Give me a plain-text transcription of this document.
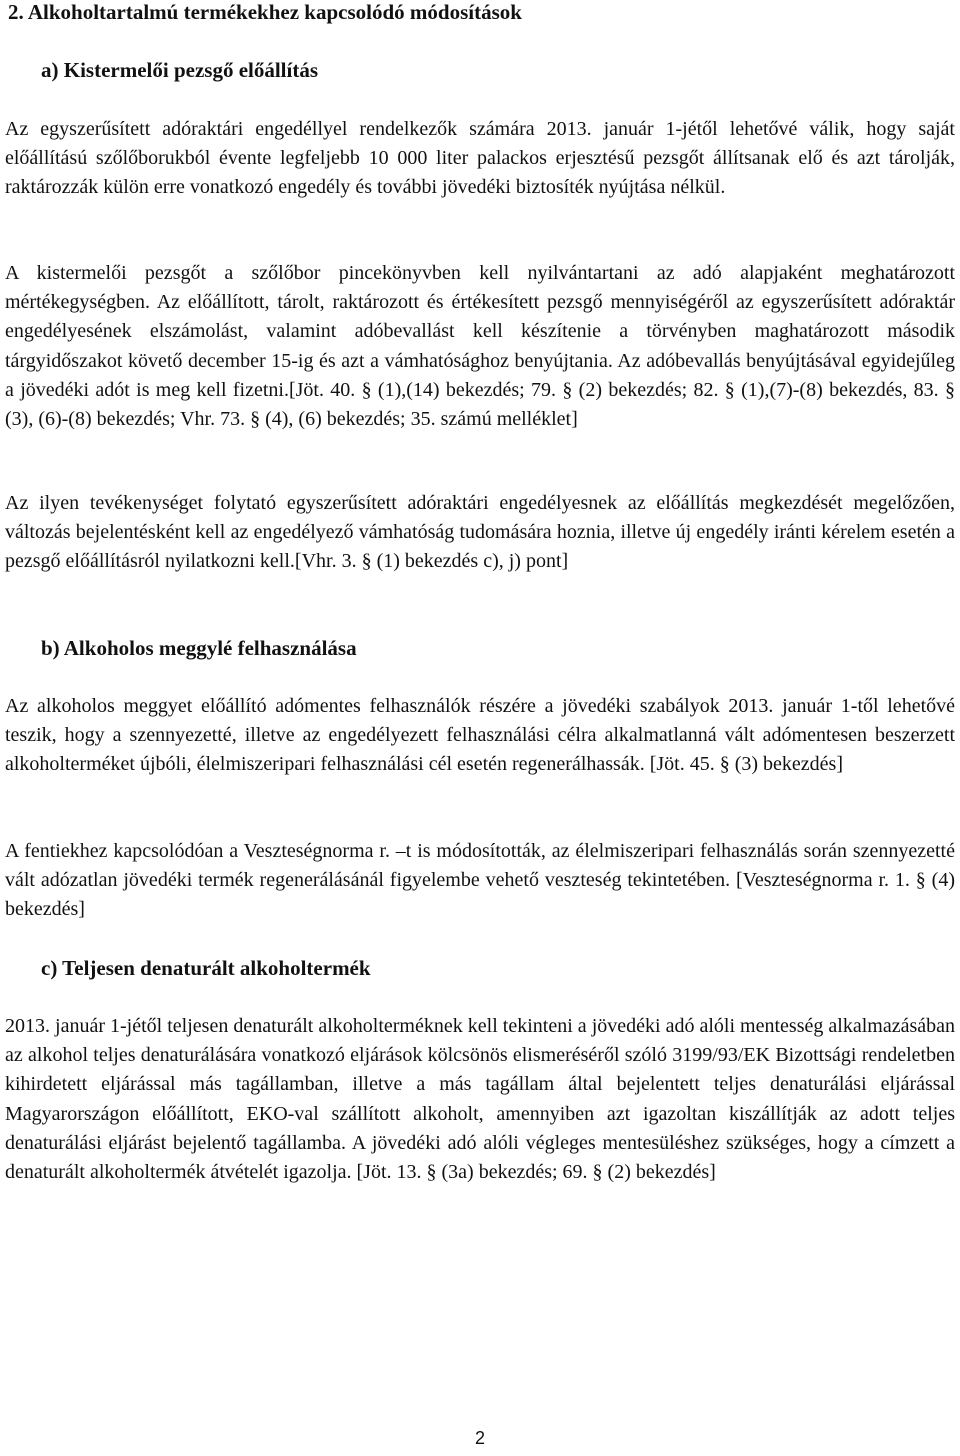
2. Alkoholtartalmú termékekhez kapcsolódó módosítások
a) Kistermelői pezsgő előállítás

Az egyszerűsített adóraktári engedéllyel rendelkezők számára 2013. január 1-jétől lehetővé válik, hogy saját előállítású szőlőborukból évente legfeljebb 10 000 liter palackos erjesztésű pezsgőt állítsanak elő és azt tárolják, raktározzák külön erre vonatkozó engedély és további jövedéki biztosíték nyújtása nélkül.

A kistermelői pezsgőt a szőlőbor pincekönyvben kell nyilvántartani az adó alapjaként meghatározott mértékegységben. Az előállított, tárolt, raktározott és értékesített pezsgő mennyiségéről az egyszerűsített adóraktár engedélyesének elszámolást, valamint adóbevallást kell készítenie a törvényben maghatározott második tárgyidőszakot követő december 15-ig és azt a vámhatósághoz benyújtania. Az adóbevallás benyújtásával egyidejűleg a jövedéki adót is meg kell fizetni.[Jöt. 40. § (1),(14) bekezdés; 79. § (2) bekezdés; 82. § (1),(7)-(8) bekezdés, 83. § (3), (6)-(8) bekezdés; Vhr. 73. § (4), (6) bekezdés; 35. számú melléklet]

Az ilyen tevékenységet folytató egyszerűsített adóraktári engedélyesnek az előállítás megkezdését megelőzően, változás bejelentésként kell az engedélyező vámhatóság tudomására hoznia, illetve új engedély iránti kérelem esetén a pezsgő előállításról nyilatkozni kell.[Vhr. 3. § (1) bekezdés c), j) pont]

b) Alkoholos meggylé felhasználása

Az alkoholos meggyet előállító adómentes felhasználók részére a jövedéki szabályok 2013. január 1-től lehetővé teszik, hogy a szennyezetté, illetve az engedélyezett felhasználási célra alkalmatlanná vált adómentesen beszerzett alkoholterméket újbóli, élelmiszeripari felhasználási cél esetén regenerálhassák. [Jöt. 45. § (3) bekezdés]

A fentiekhez kapcsolódóan a Veszteségnorma r. –t is módosították, az élelmiszeripari felhasználás során szennyezetté vált adózatlan jövedéki termék regenerálásánál figyelembe vehető veszteség tekintetében. [Veszteségnorma r. 1. § (4) bekezdés]

c) Teljesen denaturált alkoholtermék

2013. január 1-jétől teljesen denaturált alkoholterméknek kell tekinteni a jövedéki adó alóli mentesség alkalmazásában az alkohol teljes denaturálására vonatkozó eljárások kölcsönös elismeréséről szóló 3199/93/EK Bizottsági rendeletben kihirdetett eljárással más tagállamban, illetve a más tagállam által bejelentett teljes denaturálási eljárással Magyarországon előállított, EKO-val szállított alkoholt, amennyiben azt igazoltan kiszállítják az adott teljes denaturálási eljárást bejelentő tagállamba. A jövedéki adó alóli végleges mentesüléshez szükséges, hogy a címzett a denaturált alkoholtermék átvételét igazolja. [Jöt. 13. § (3a) bekezdés; 69. § (2) bekezdés]

2
